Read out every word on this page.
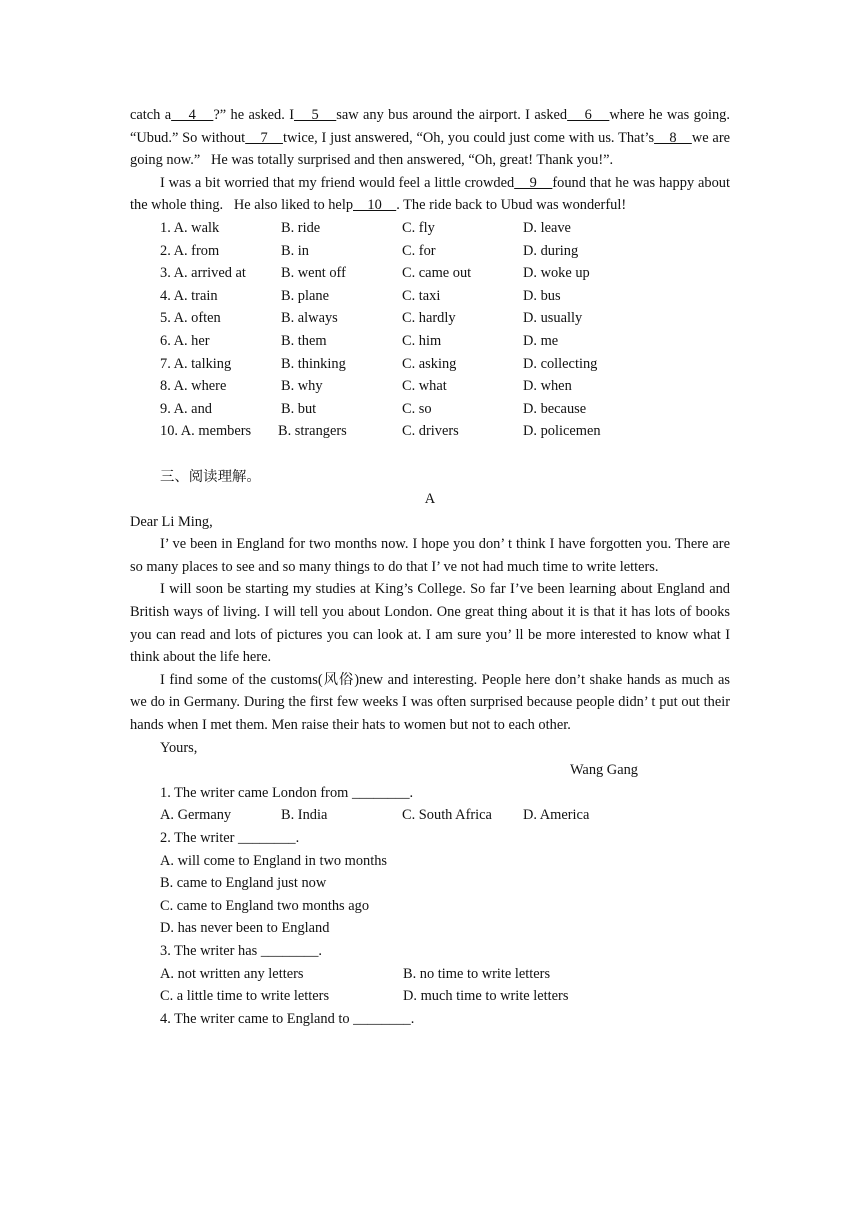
catch a    4    ?” he asked. I    5    saw any bus around the airport. I asked    6    where he was going. “Ubud.” So without    7    twice, I just answered, “Oh, you could just come with us. That’s    8    we are going now.”   He was totally surprised and then answered, “Oh, great! Thank you!”.

I was a bit worried that my friend would feel a little crowded    9    found that he was happy about the whole thing.   He also liked to help    10    . The ride back to Ubud was wonderful!

1. A. walk	B. ride	C. fly	D. leave
2. A. from	B. in	C. for	D. during
3. A. arrived at	B. went off	C. came out	D. woke up
4. A. train	B. plane	C. taxi	D. bus
5. A. often	B. always	C. hardly	D. usually
6. A. her	B. them	C. him	D. me
7. A. talking	B. thinking	C. asking	D. collecting
8. A. where	B. why	C. what	D. when
9. A. and	B. but	C. so	D. because
10. A. members	B. strangers	C. drivers	D. policemen

三、阅读理解。

A

Dear Li Ming,

I’ ve been in England for two months now. I hope you don’ t think I have forgotten you. There are so many places to see and so many things to do that I’ ve not had much time to write letters.

I will soon be starting my studies at King’s College. So far I’ve been learning about England and British ways of living. I will tell you about London. One great thing about it is that it has lots of books you can read and lots of pictures you can look at. I am sure you’ ll be more interested to know what I think about the life here.

I find some of the customs(风俗)new and interesting. People here don’t shake hands as much as we do in Germany. During the first few weeks I was often surprised because people didn’ t put out their hands when I met them. Men raise their hats to women but not to each other.

Yours,

Wang Gang

1. The writer came London from ________.

A. Germany	B. India	C. South Africa	D. America

2. The writer ________.

A. will come to England in two months

B. came to England just now

C. came to England two months ago

D. has never been to England

3. The writer has ________.

A. not written any letters	B. no time to write letters
C. a little time to write letters	D. much time to write letters

4. The writer came to England to ________.
